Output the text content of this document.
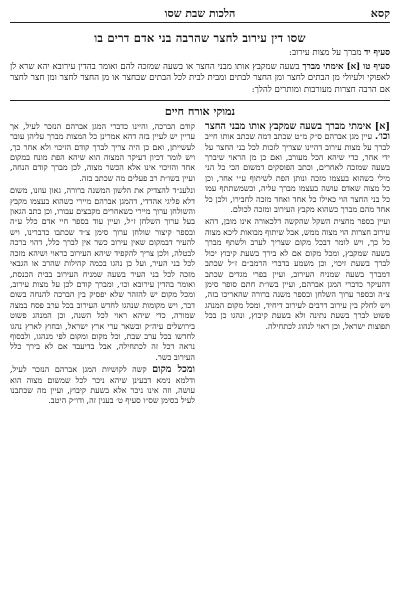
קסא
הלכות שבת שסו
שסו דין עירוב לחצר שהרבה בני אדם דרים בו
סעיף יד מברך על מצות עירוב:
סעיף טו [א] אימתי מברך בשעה שמקבץ אותו מבני החצר או בשעה שמזכה להם ואומר בהדין עירובא יהא שרא לן לאפוקי ולעיולי מן הבתים לחצר ומן החצר לבתים ומבית לבית לכל הבתים שבחצר או מן החצר לחצר ומן חצר לחצר אם הרבה חצרות מעורבות ומותרים להלך:
נמוקי אורח חיים

[א] אימתי מברך בשעה שמקבץ אותו מבני החצר וכו׳. עיין מגן אברהם ס״ק מ״ט שכתב דמה שכתב אותו חייב לברך על מצות עירוב דהיינו שצריך לזכות לכל בני החצר על ידי אחר, כדי שיהא הכל מעורב, ואם כן מן הראוי שיברך בשעה שמזכה לאחרים, וכתב הפוסקים דמשום הכי כל הני מילי כשהוא בעצמו מזכה ונותן הפת לשיתוף ע״י אחר, וכן כל מצוה שאדם עושה בעצמו מברך עליה, וכשמשתתף עמו כל בני החצר הוי כאילו כל אחד ואחד מזכה לחבירו, ולכן כל אחד מהם מברך כשהוא מקבץ העירוב ומזכה לכולם.

ועיין בספר מחצית השקל שהקשה דלכאורה אינו מובן, דהא עירוב חצרות הוי מצוה ממש, אבל שיתוף מבואות ליכא מצוה כל כך, ויש לומר דבכל מקום שצריך לערב ולשתף מברך בשעה שמקבץ, ומכל מקום אם לא בירך בשעת קיבוץ יכול לברך בשעת זיכוי, וכן משמע בדברי הרמב״ם ז״ל שכתב דמברך בשעה שמניח העירוב, ועיין בפרי מגדים שכתב דהעיקר כדברי המגן אברהם, ועיין בשו״ת חתם סופר סימן צ״ה ובספר ערוך השלחן ובספר משנה ברורה שהאריכו בזה, ויש לחלק בין עירוב דרבים לעירוב דיחיד, ומכל מקום המנהג פשוט לברך בשעת נתינה ולא בשעת קיבוץ, ונהגו כן בכל תפוצות ישראל, וכן ראוי לנהוג לכתחילה.

קודם הברכה, והיינו כדברי המגן אברהם הנזכר לעיל, אך עדיין יש לעיין בזה דהא אמרינן כל המצות מברך עליהן עובר לעשייתן, ואם כן היה צריך לברך קודם הזיכוי ולא אחר כך, ויש לומר דכיון דעיקר המצוה הוא שיהא הפת מונח במקום אחד והזיכוי אינו אלא הכשר מצוה, לכן מברך קודם הנחה, ועיין בשו״ת רב פעלים מה שכתב בזה.

ונלענ״ד להצדיק את הלשון המשנה ברורה, גאון עוזנו, משום דלא פליגי אהדדי, דהמגן אברהם מיירי כשהוא בעצמו מקבץ והשולחן ערוך מיירי כשאחרים מקבצים עבורו, וכן כתב הגאון בעל ערוך השלחן ז״ל, ועיין עוד בספר חיי אדם כלל ע״ה ובספר קיצור שולחן ערוך סימן צ״ד שכתבו כדברינו, ויש להעיר דבמקום שאין עירוב כשר אין לברך כלל, דהוי ברכה לבטלה, ולכן צריך להקפיד שיהא העירוב כראוי ושיהא מזכה לכל בני העיר, ועל כן נהגו בכמה קהילות שהרב או הגבאי מזכה לכל בני העיר בשעה שמניח העירוב בבית הכנסת, ואומר בהדין עירובא וכו׳, ומברך קודם לכן על מצות עירוב, ומכל מקום יש להזהר שלא יפסיק בין הברכה להנחה בשום דבר, ויש מקומות שנהגו לחדש העירוב בכל ערב פסח במצה שמורה, כדי שיהא ראוי לכל השנה, וכן המנהג פשוט בירושלים עיה״ק ובשאר ערי ארץ ישראל, ובחוץ לארץ נהגו לחדשו בכל ערב שבת, וכל מקום ומקום לפי מנהגו, ולבסוף נראה דכל זה לכתחילה, אבל בדיעבד אם לא בירך כלל העירוב כשר.

ומכל מקום קשה לקושיות המגן אברהם הנזכר לעיל, ודלמא נימא דבעינן שיהא ניכר לכל שמשום מצוה הוא עושה, וזה אינו ניכר אלא בשעת קיבוץ, ועיין מה שכתבנו לעיל בסימן שס״ו סעיף ט׳ בענין זה, ודו״ק היטב.
